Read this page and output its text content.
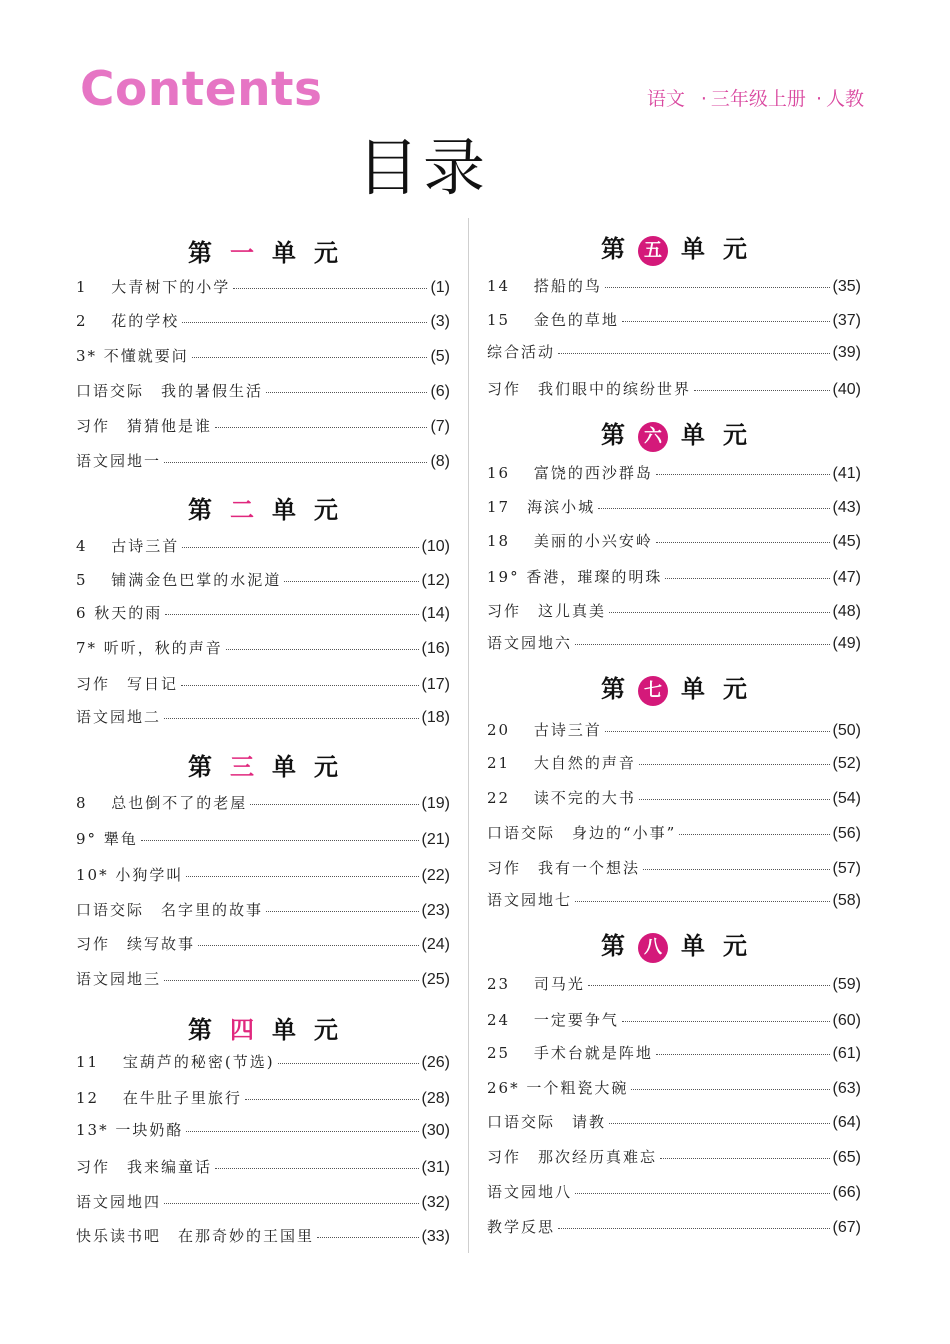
Contents
目录
语文 · 三年级上册 · 人教
第 一 单 元
1　 大青树下的小学	(1)
2 　花的学校	(3)
3* 不懂就要问	(5)
口语交际　我的暑假生活	(6)
习作　猜猜他是谁	(7)
语文园地一	(8)
第 二 单 元
4　 古诗三首	(10)
5　 铺满金色巴掌的水泥道	(12)
6 秋天的雨	(14)
7* 听听，秋的声音	(16)
习作　写日记	(17)
语文园地二	(18)
第 三 单 元
8　 总也倒不了的老屋	(19)
9° 犟龟	(21)
10* 小狗学叫	(22)
口语交际　名字里的故事	(23)
习作　续写故事	(24)
语文园地三	(25)
第 四 单 元
11　 宝葫芦的秘密(节选)	(26)
12　 在牛肚子里旅行	(28)
13* 一块奶酪	(30)
习作　我来编童话	(31)
语文园地四	(32)
快乐读书吧　在那奇妙的王国里	(33)
第 五 单 元
14　 搭船的鸟	(35)
15　 金色的草地	(37)
综合活动	(39)
习作　我们眼中的缤纷世界	(40)
第 六 单 元
16　 富饶的西沙群岛	(41)
17　海滨小城	(43)
18　 美丽的小兴安岭	(45)
19° 香港，璀璨的明珠	(47)
习作　这儿真美	(48)
语文园地六	(49)
第 七 单 元
20　 古诗三首	(50)
21　 大自然的声音	(52)
22　 读不完的大书	(54)
口语交际　身边的“小事”	(56)
习作　我有一个想法	(57)
语文园地七	(58)
第 八 单 元
23　 司马光	(59)
24　 一定要争气	(60)
25　 手术台就是阵地	(61)
26* 一个粗瓷大碗	(63)
口语交际　请教	(64)
习作　那次经历真难忘	(65)
语文园地八	(66)
教学反思	(67)
